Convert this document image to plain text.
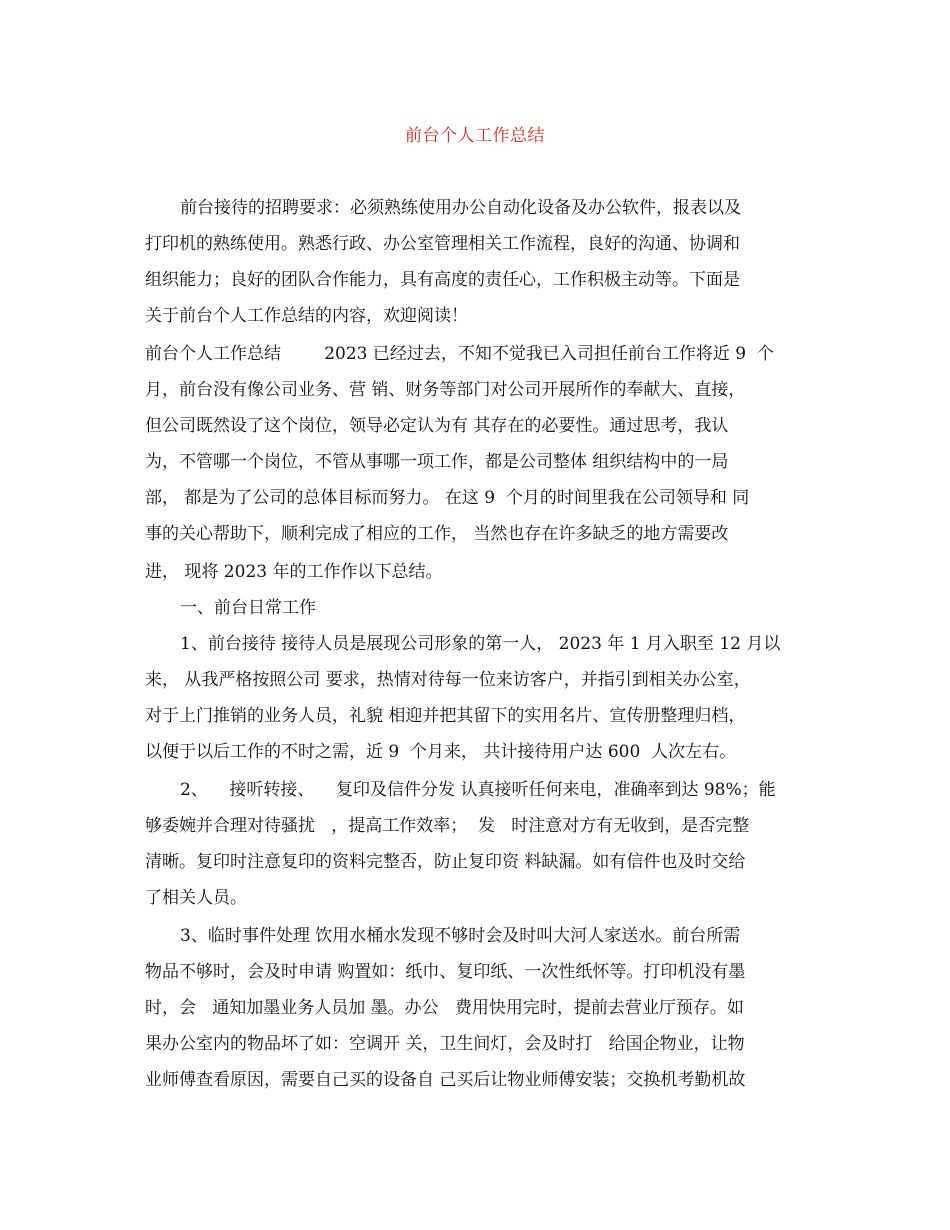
前台个人工作总结
前台接待的招聘要求：必须熟练使用办公自动化设备及办公软件，报表以及
打印机的熟练使用。熟悉行政、办公室管理相关工作流程，良好的沟通、协调和
组织能力；良好的团队合作能力，具有高度的责任心，工作积极主动等。下面是
关于前台个人工作总结的内容，欢迎阅读！
前台个人工作总结        2023 已经过去，不知不觉我已入司担任前台工作将近 9  个
月，前台没有像公司业务、营 销、财务等部门对公司开展所作的奉献大、直接，
但公司既然设了这个岗位，领导必定认为有 其存在的必要性。通过思考，我认
为，不管哪一个岗位，不管从事哪一项工作，都是公司整体 组织结构中的一局
部， 都是为了公司的总体目标而努力。 在这 9  个月的时间里我在公司领导和 同
事的关心帮助下，顺利完成了相应的工作， 当然也存在许多缺乏的地方需要改
进， 现将 2023 年的工作作以下总结。
一、前台日常工作
1、前台接待 接待人员是展现公司形象的第一人， 2023 年 1 月入职至 12 月以
来， 从我严格按照公司 要求，热情对待每一位来访客户，并指引到相关办公室，
对于上门推销的业务人员，礼貌 相迎并把其留下的实用名片、宣传册整理归档，
以便于以后工作的不时之需，近 9  个月来， 共计接待用户达 600  人次左右。
2、    接听转接、    复印及信件分发 认真接听任何来电，准确率到达 98%；能
够委婉并合理对待骚扰   ，提高工作效率；  发   时注意对方有无收到，是否完整
清晰。复印时注意复印的资料完整否，防止复印资 料缺漏。如有信件也及时交给
了相关人员。
3、临时事件处理 饮用水桶水发现不够时会及时叫大河人家送水。前台所需
物品不够时，会及时申请 购置如：纸巾、复印纸、一次性纸怀等。打印机没有墨
时，会   通知加墨业务人员加 墨。办公   费用快用完时，提前去营业厅预存。如
果办公室内的物品坏了如：空调开 关，卫生间灯，会及时打   给国企物业，让物
业师傅查看原因，需要自己买的设备自 己买后让物业师傅安装；交换机考勤机故
